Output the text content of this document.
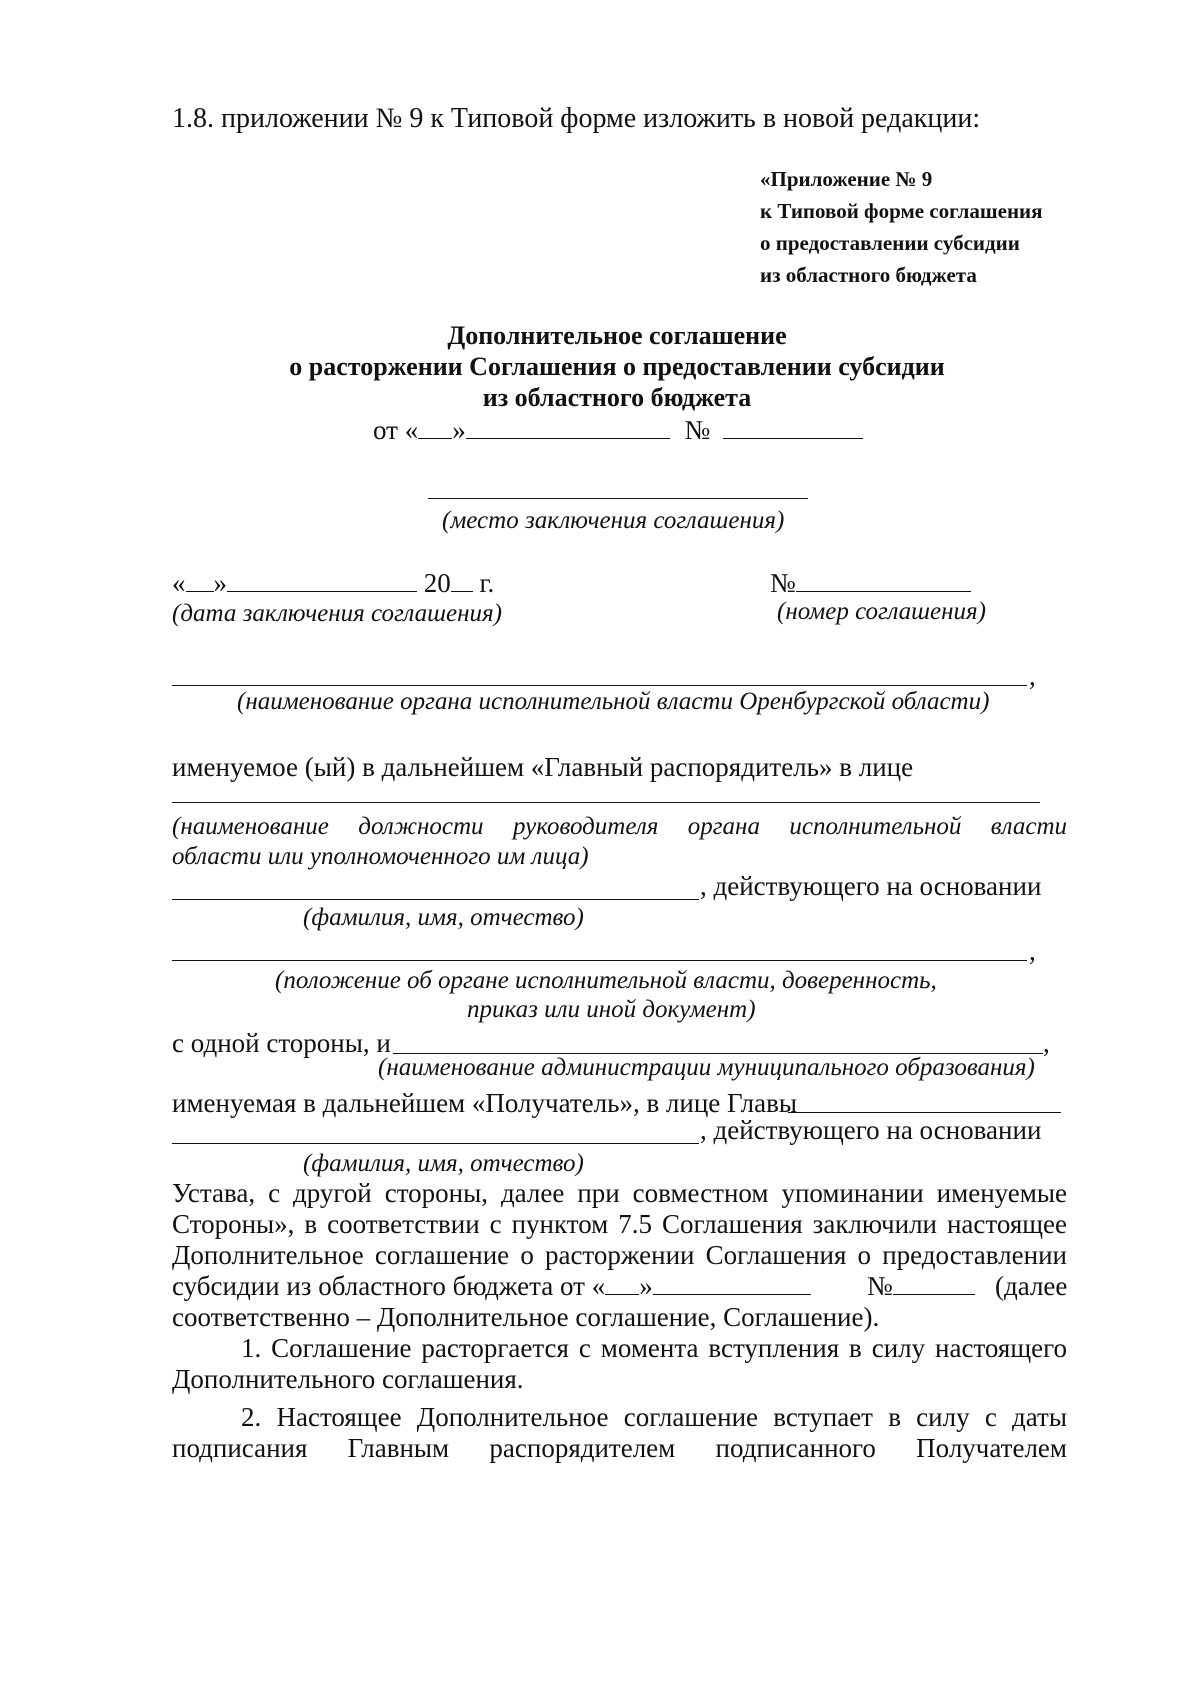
1.8. приложении № 9 к Типовой форме изложить в новой редакции:
«Приложение № 9
к Типовой форме соглашения
о предоставлении субсидии
из областного бюджета
Дополнительное соглашение
о расторжении Соглашения о предоставлении субсидии
из областного бюджета
от « »	№
(место заключения соглашения)
« »	20 г.	№
(дата заключения соглашения)	(номер соглашения)
,
(наименование органа исполнительной власти Оренбургской области)
именуемое (ый) в дальнейшем «Главный распорядитель» в лице
(наименование должности руководителя органа исполнительной власти
области или уполномоченного им лица)
, действующего на основании
(фамилия, имя, отчество)
,
(положение об органе исполнительной власти, доверенность,
приказ или иной документ)
с одной стороны, и	,
(наименование администрации муниципального образования)
именуемая в дальнейшем «Получатель», в лице Главы
, действующего на основании
(фамилия, имя, отчество)
Устава, с другой стороны, далее при совместном упоминании именуемые
Стороны», в соответствии с пунктом 7.5 Соглашения заключили настоящее
Дополнительное соглашение о расторжении Соглашения о предоставлении
субсидии из областного бюджета от « »	№	(далее
соответственно – Дополнительное соглашение, Соглашение).
1. Соглашение расторгается с момента вступления в силу настоящего
Дополнительного соглашения.
2. Настоящее Дополнительное соглашение вступает в силу с даты
подписания Главным распорядителем подписанного Получателем
